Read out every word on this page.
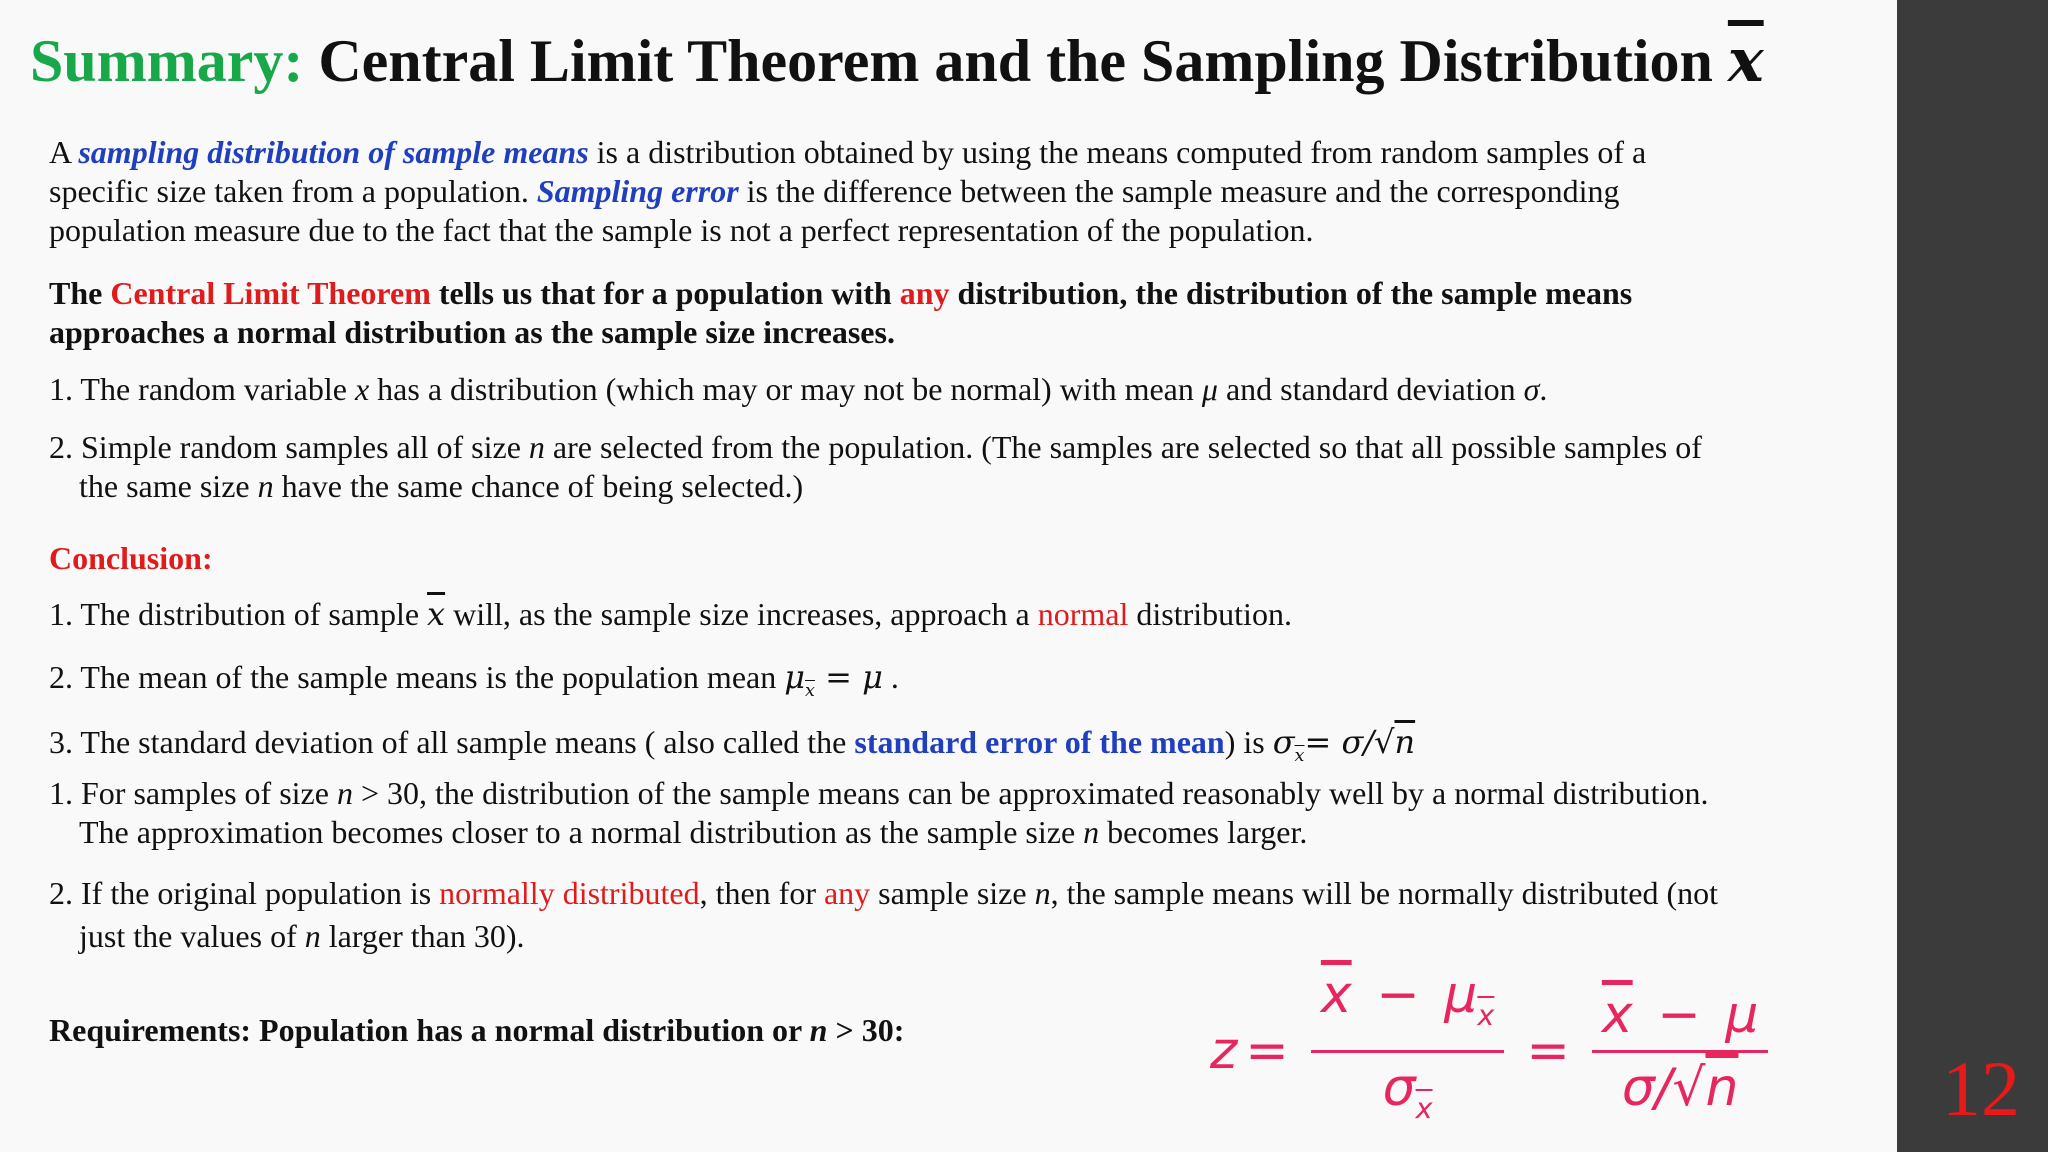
Summary: Central Limit Theorem and the Sampling Distribution x

A sampling distribution of sample means is a distribution obtained by using the means computed from random samples of a

specific size taken from a population. Sampling error is the difference between the sample measure and the corresponding

population measure due to the fact that the sample is not a perfect representation of the population.

The Central Limit Theorem tells us that for a population with any distribution, the distribution of the sample means

approaches a normal distribution as the sample size increases.

1. The random variable x has a distribution (which may or may not be normal) with mean μ and standard deviation σ.

2. Simple random samples all of size n are selected from the population. (The samples are selected so that all possible samples of

the same size n have the same chance of being selected.)

Conclusion:

1. The distribution of sample $\overline{x}$ will, as the sample size increases, approach a normal distribution.

2. The mean of the sample means is the population mean $\mu_{\overline{x}} = \mu$ .

3. The standard deviation of all sample means ( also called the standard error of the mean) is $\sigma_{\overline{x}}= \sigma/√n$

1. For samples of size n > 30, the distribution of the sample means can be approximated reasonably well by a normal distribution.

The approximation becomes closer to a normal distribution as the sample size n becomes larger.

2. If the original population is normally distributed, then for any sample size n, the sample means will be normally distributed (not

just the values of n larger than 30).

Requirements: Population has a normal distribution or n > 30:	$z = \frac{\overline{x} - \mu_{\overline{x}}}{\sigma_{\overline{x}}} = \frac{\overline{x} - \mu}{\sigma/√n} 12$
